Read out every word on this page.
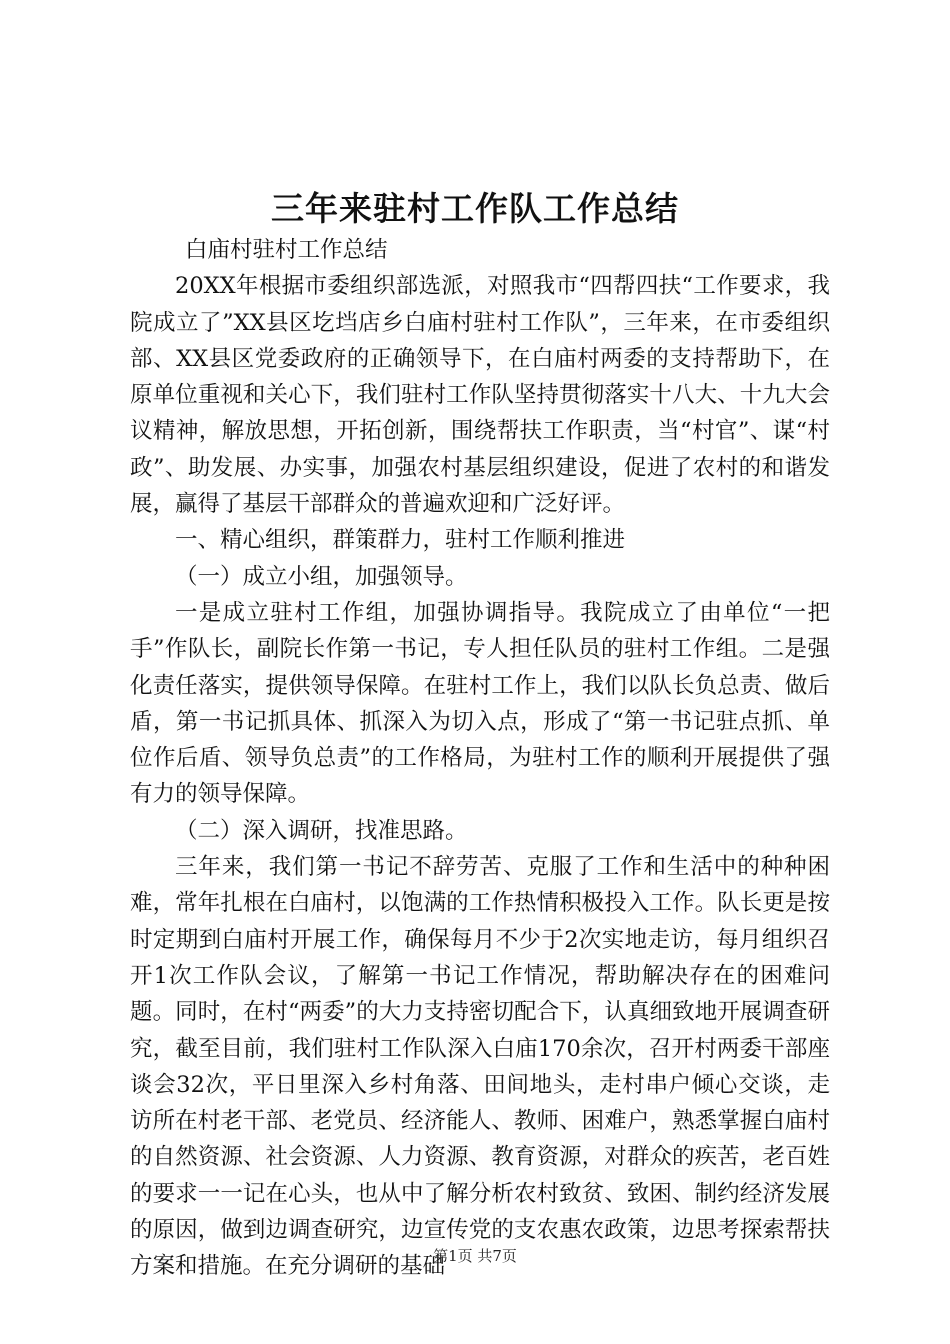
三年来驻村工作队工作总结

白庙村驻村工作总结

20XX年根据市委组织部选派，对照我市“四帮四扶“工作要求，我院成立了”XX县区圪垱店乡白庙村驻村工作队”，三年来，在市委组织部、XX县区党委政府的正确领导下，在白庙村两委的支持帮助下，在原单位重视和关心下，我们驻村工作队坚持贯彻落实十八大、十九大会议精神，解放思想，开拓创新，围绕帮扶工作职责，当“村官”、谋“村政”、助发展、办实事，加强农村基层组织建设，促进了农村的和谐发展，赢得了基层干部群众的普遍欢迎和广泛好评。

一、精心组织，群策群力，驻村工作顺利推进

（一）成立小组，加强领导。

一是成立驻村工作组，加强协调指导。我院成立了由单位“一把手”作队长，副院长作第一书记，专人担任队员的驻村工作组。二是强化责任落实，提供领导保障。在驻村工作上，我们以队长负总责、做后盾，第一书记抓具体、抓深入为切入点，形成了“第一书记驻点抓、单位作后盾、领导负总责”的工作格局，为驻村工作的顺利开展提供了强有力的领导保障。

（二）深入调研，找准思路。

三年来，我们第一书记不辞劳苦、克服了工作和生活中的种种困难，常年扎根在白庙村，以饱满的工作热情积极投入工作。队长更是按时定期到白庙村开展工作，确保每月不少于2次实地走访，每月组织召开1次工作队会议，了解第一书记工作情况，帮助解决存在的困难问题。同时，在村“两委”的大力支持密切配合下，认真细致地开展调查研究，截至目前，我们驻村工作队深入白庙170余次，召开村两委干部座谈会32次，平日里深入乡村角落、田间地头，走村串户倾心交谈，走访所在村老干部、老党员、经济能人、教师、困难户，熟悉掌握白庙村的自然资源、社会资源、人力资源、教育资源，对群众的疾苦，老百姓的要求一一记在心头，也从中了解分析农村致贫、致困、制约经济发展的原因，做到边调查研究，边宣传党的支农惠农政策，边思考探索帮扶方案和措施。在充分调研的基础

第1页 共7页
